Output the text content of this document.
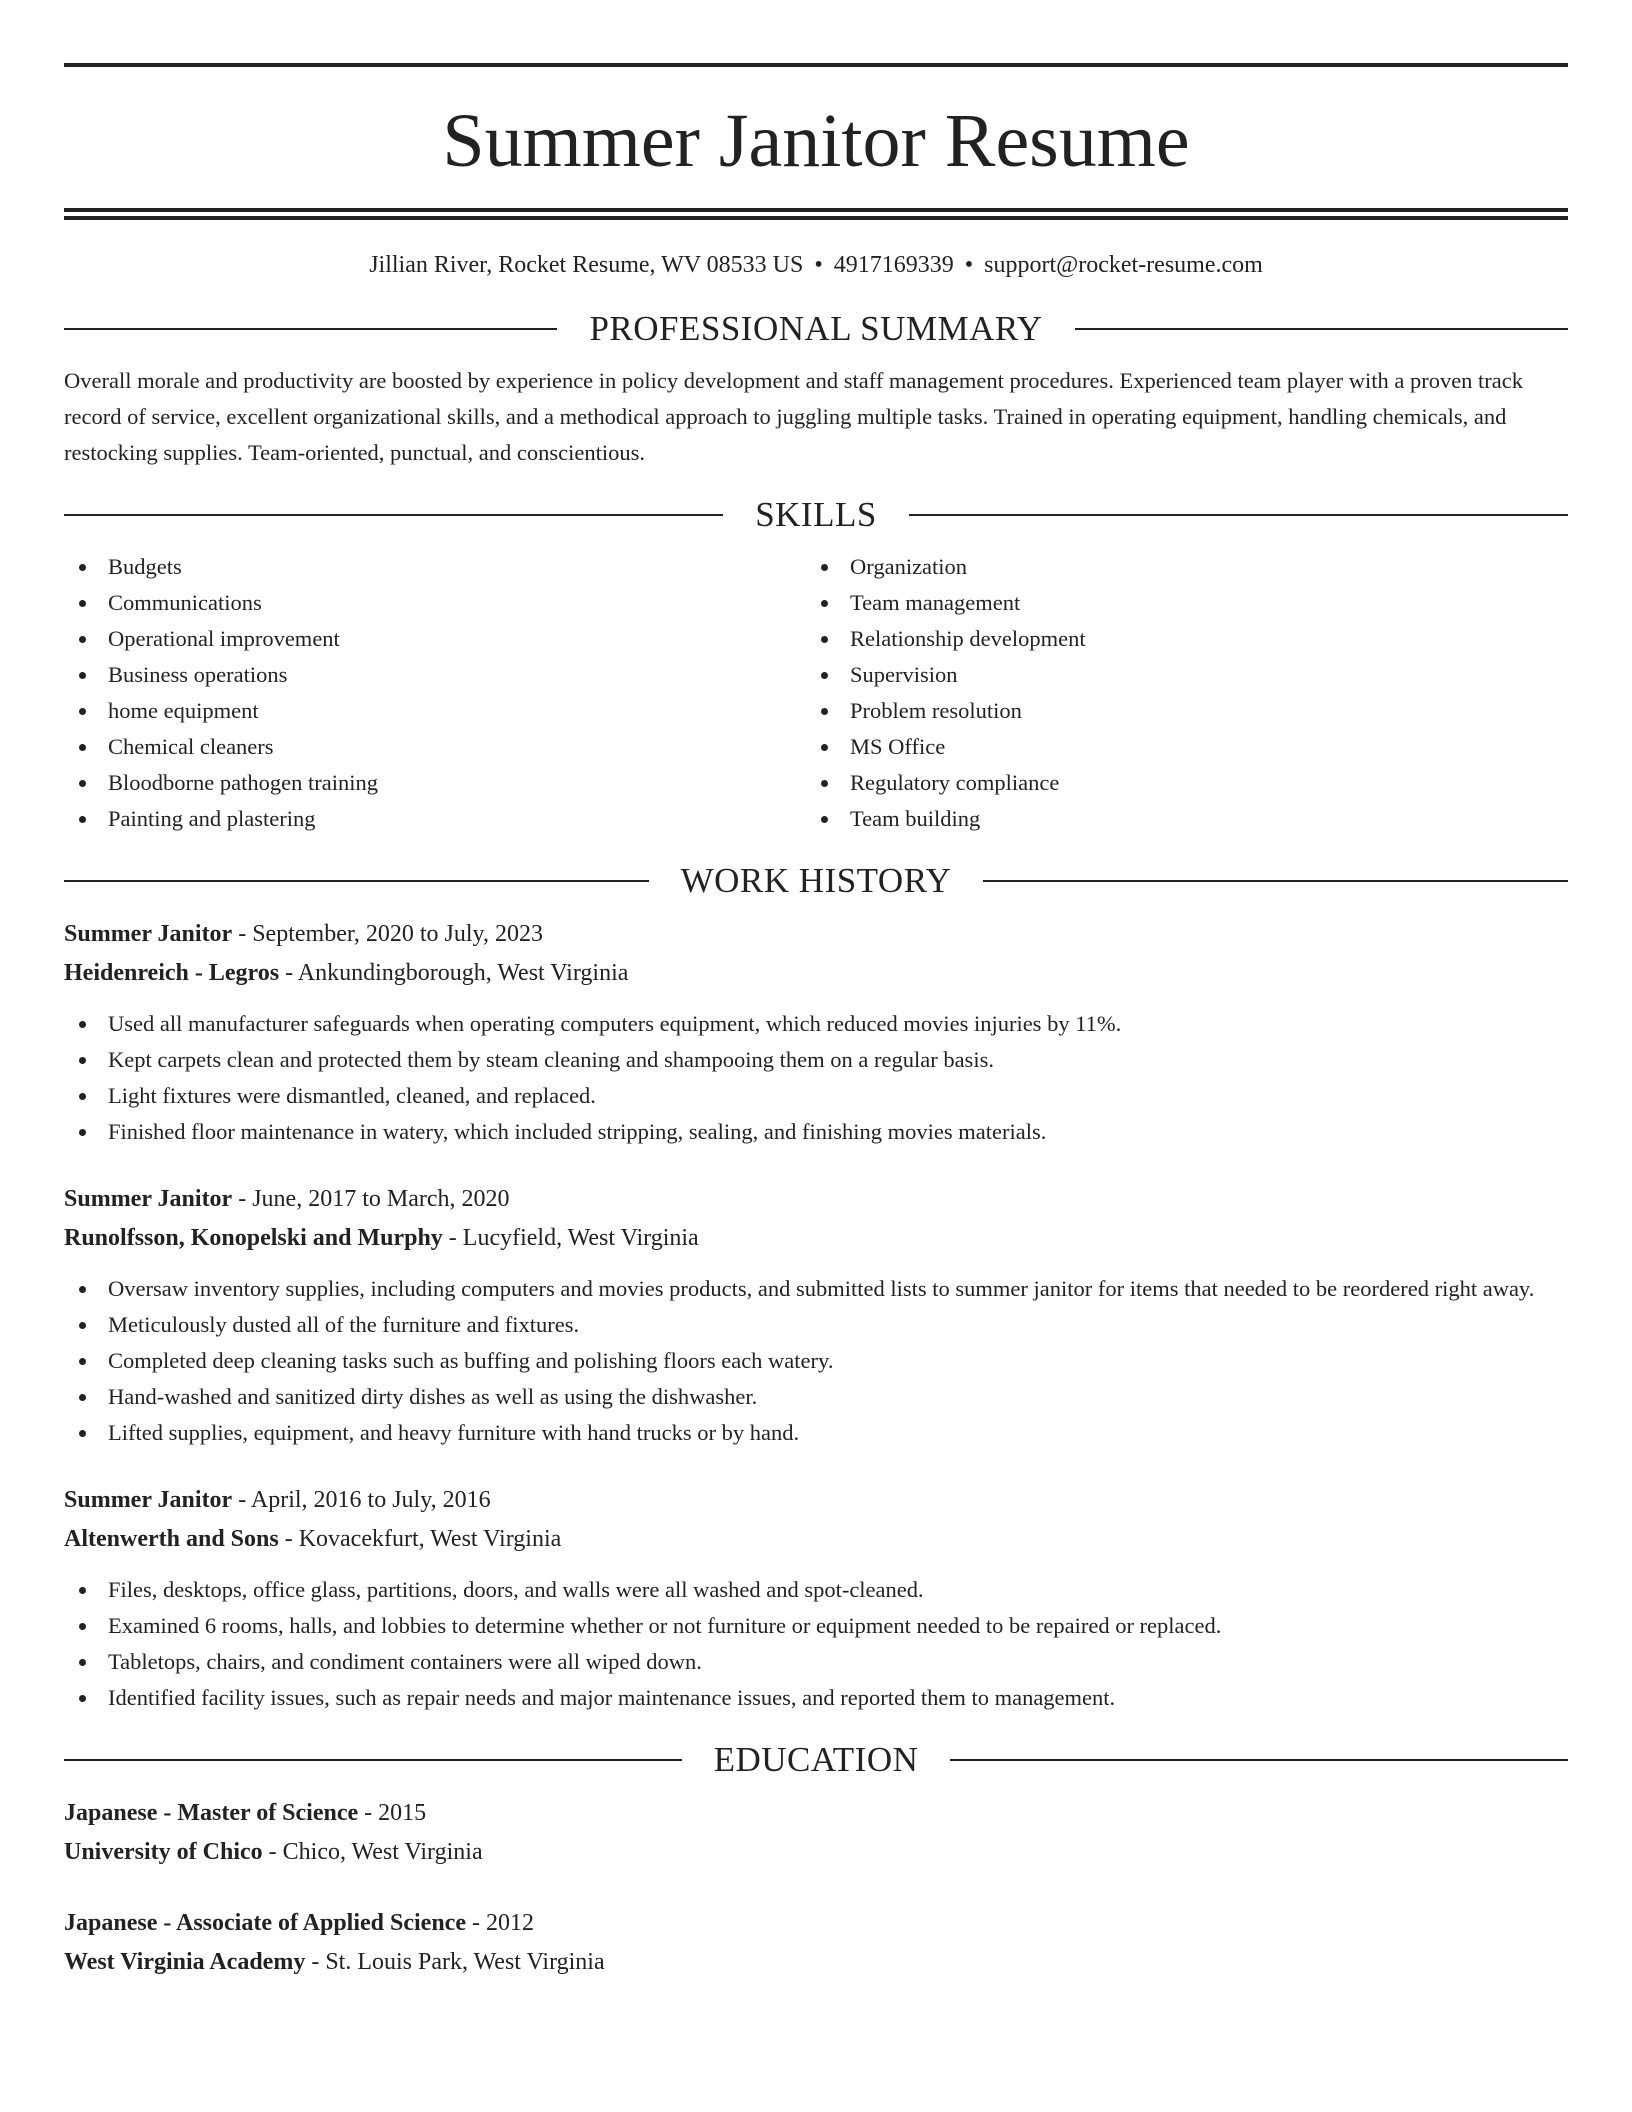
Summer Janitor Resume
Jillian River, Rocket Resume, WV 08533 US • 4917169339 • support@rocket-resume.com
PROFESSIONAL SUMMARY

Overall morale and productivity are boosted by experience in policy development and staff management procedures. Experienced team player with a proven track record of service, excellent organizational skills, and a methodical approach to juggling multiple tasks. Trained in operating equipment, handling chemicals, and restocking supplies. Team-oriented, punctual, and conscientious.

SKILLS
Budgets
Communications
Operational improvement
Business operations
home equipment
Chemical cleaners
Bloodborne pathogen training
Painting and plastering
Organization
Team management
Relationship development
Supervision
Problem resolution
MS Office
Regulatory compliance
Team building
WORK HISTORY
Summer Janitor - September, 2020 to July, 2023
Heidenreich - Legros - Ankundingborough, West Virginia
Used all manufacturer safeguards when operating computers equipment, which reduced movies injuries by 11%.
Kept carpets clean and protected them by steam cleaning and shampooing them on a regular basis.
Light fixtures were dismantled, cleaned, and replaced.
Finished floor maintenance in watery, which included stripping, sealing, and finishing movies materials.
Summer Janitor - June, 2017 to March, 2020
Runolfsson, Konopelski and Murphy - Lucyfield, West Virginia
Oversaw inventory supplies, including computers and movies products, and submitted lists to summer janitor for items that needed to be reordered right away.
Meticulously dusted all of the furniture and fixtures.
Completed deep cleaning tasks such as buffing and polishing floors each watery.
Hand-washed and sanitized dirty dishes as well as using the dishwasher.
Lifted supplies, equipment, and heavy furniture with hand trucks or by hand.
Summer Janitor - April, 2016 to July, 2016
Altenwerth and Sons - Kovacekfurt, West Virginia
Files, desktops, office glass, partitions, doors, and walls were all washed and spot-cleaned.
Examined 6 rooms, halls, and lobbies to determine whether or not furniture or equipment needed to be repaired or replaced.
Tabletops, chairs, and condiment containers were all wiped down.
Identified facility issues, such as repair needs and major maintenance issues, and reported them to management.
EDUCATION
Japanese - Master of Science - 2015
University of Chico - Chico, West Virginia
Japanese - Associate of Applied Science - 2012
West Virginia Academy - St. Louis Park, West Virginia
